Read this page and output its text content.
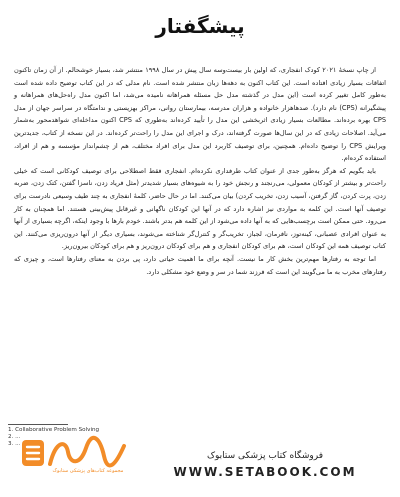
پیشگفتار

از چاپ نسخهٔ ۲۰۲۱ کودک انفجاری، که اولین بار بیست‌وسه سال پیش در سال ۱۹۹۸ منتشر شد، بسیار خوشحالم. از آن زمان تاکنون اتفاقات بسیار زیادی افتاده است. این کتاب اکنون به دهه‌ها زبان منتشر شده است. نام مدلی که در این کتاب توضیح داده شده است به‌طور کامل تغییر کرده است (این مدل در گذشته مدل حل مسئله همراهانه نامیده می‌شد، اما اکنون مدل راه‌حل‌های همراهانه و پیشگیرانه (CPS) نام دارد). صدهاهزار خانواده و هزاران مدرسه، بیمارستان روانی، مراکز بهزیستی و ندامتگاه در سراسر جهان از مدل CPS بهره برده‌اند. مطالعات بسیار زیادی اثربخشی این مدل را تأیید کرده‌اند به‌طوری که CPS اکنون مداخله‌ای شواهدمحور به‌شمار می‌آید. اصلاحات زیادی که در این سال‌ها صورت گرفته‌اند، درک و اجرای این مدل را راحت‌تر کرده‌اند. در این نسخه از کتاب، جدیدترین ویرایش CPS را توضیح داده‌ام. همچنین، برای توصیف کاربرد این مدل برای افراد مختلف، هم از چشم‌انداز مؤسسه و هم از افراد، استفاده کرده‌ام.

باید بگویم که هرگز به‌طور جدی از عنوان کتاب طرفداری نکرده‌ام. انفجاری فقط اصطلاحی برای توصیف کودکانی است که خیلی راحت‌تر و بیشتر از کودکان معمولی، می‌رنجند و رنجش خود را به شیوه‌های بسیار شدیدتر (مثل فریاد زدن، ناسزا گفتن، کتک زدن، ضربه زدن، پرت کردن، گاز گرفتن، آسیب زدن، تخریب کردن) بیان می‌کنند. اما در حال حاضر، کلمهٔ انفجاری به چند طیف وسیعی نادرست برای توصیف آنها است. این کلمه به مواردی نیز اشاره دارد که در آنها این کودکان ناگهانی و غیرقابل پیش‌بینی هستند. اما همچنان به کار می‌رود. حتی ممکن است برچسب‌هایی که به آنها داده می‌شود از این کلمه هم بدتر باشند. خودم بارها با وجود اینکه، اگرچه بسیاری از آنها به عنوان افرادی عصبانی، کینه‌توز، نافرمان، لجباز، تخریب‌گر و کنترل‌گر شناخته می‌شوند، بسیاری دیگر از آنها درون‌ریزی می‌کنند. این کتاب توصیف همه این کودکان است، هم برای کودکان انفجاری و هم برای کودکان درون‌ریز و هم برای کودکان بیرون‌ریز.

اما توجه به رفتارها مهم‌ترین بخش کار ما نیست. آنچه برای ما اهمیت حیاتی دارد، پی بردن به معنای رفتارها است، و چیزی که رفتارهای مخرب به ما می‌گویند این است که فرزند شما در سر و وضع خود مشکلی دارد.

1. Collaborative Problem Solving
2. ...
3. ...
مجموعه کتاب‌های پزشکی ستابوک
فروشگاه کتاب پزشکی ستابوک
WWW.SETABOOK.COM
